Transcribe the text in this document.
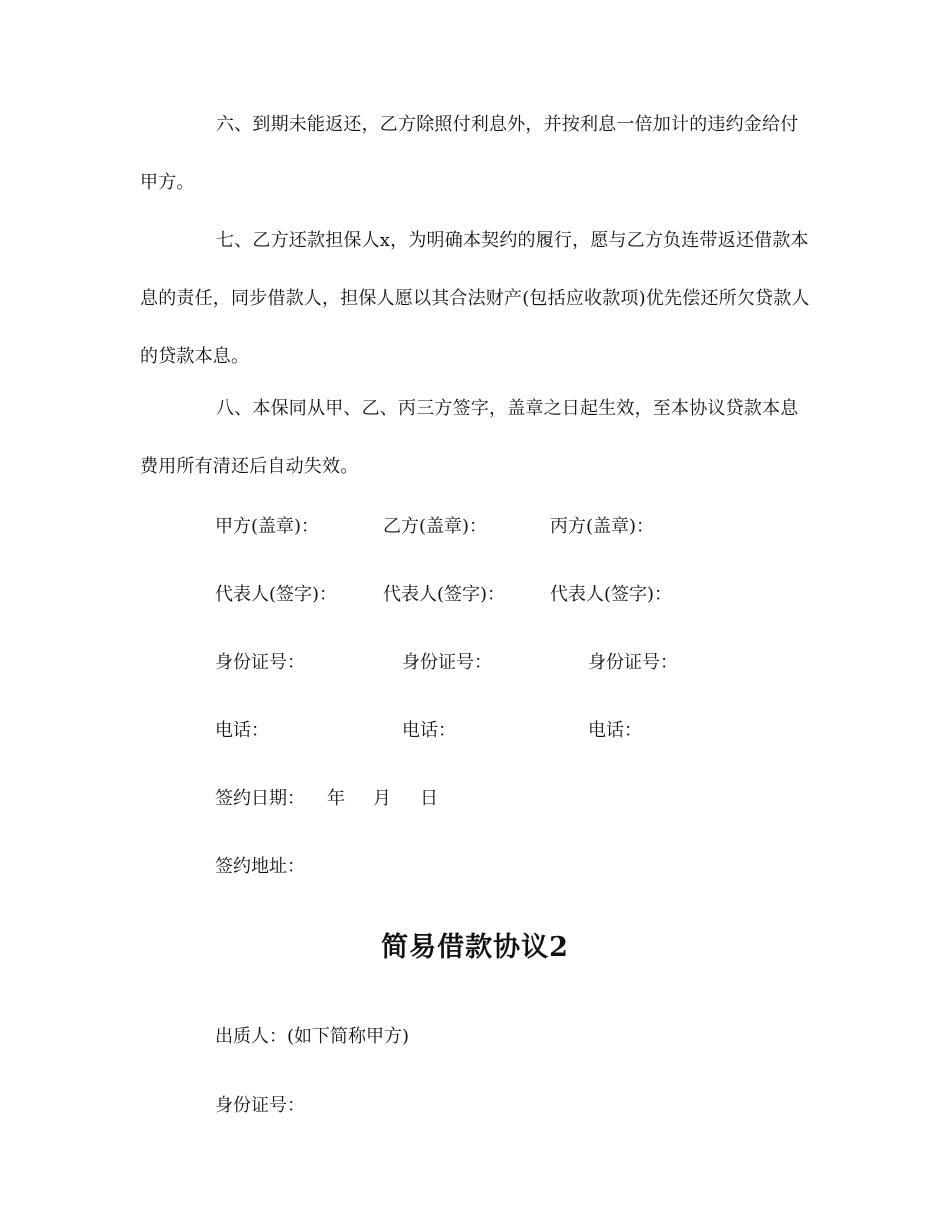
六、到期未能返还，乙方除照付利息外，并按利息一倍加计的违约金给付甲方。
七、乙方还款担保人x，为明确本契约的履行，愿与乙方负连带返还借款本息的责任，同步借款人，担保人愿以其合法财产(包括应收款项)优先偿还所欠贷款人的贷款本息。
八、本保同从甲、乙、丙三方签字，盖章之日起生效，至本协议贷款本息费用所有清还后自动失效。
甲方(盖章)：	乙方(盖章)：	丙方(盖章)：
代表人(签字)：	代表人(签字)： 代表人(签字)：
身份证号：	身份证号：	身份证号：
电话：	电话：	电话：
签约日期： 年 月 日
签约地址：
简易借款协议2
出质人：(如下简称甲方)
身份证号：
